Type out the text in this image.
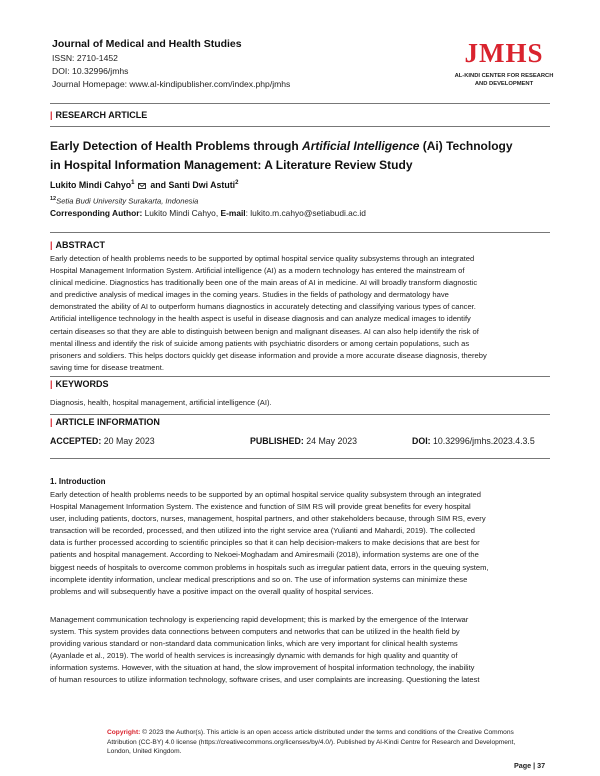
Journal of Medical and Health Studies
ISSN: 2710-1452
DOI: 10.32996/jmhs
Journal Homepage: www.al-kindipublisher.com/index.php/jmhs
JMHS
AL-KINDI CENTER FOR RESEARCH
AND DEVELOPMENT
| RESEARCH ARTICLE
Early Detection of Health Problems through Artificial Intelligence (Ai) Technology
in Hospital Information Management: A Literature Review Study
Lukito Mindi Cahyo$^1$
and Santi Dwi Astuti$^2$
$^{12}$Setia Budi University Surakarta, Indonesia
Corresponding Author: Lukito Mindi Cahyo, E-mail: lukito.m.cahyo@setiabudi.ac.id
| ABSTRACT
Early detection of health problems needs to be supported by optimal hospital service quality subsystems through an integrated
Hospital Management Information System. Artificial intelligence (AI) as a modern technology has entered the mainstream of
clinical medicine. Diagnostics has traditionally been one of the main areas of AI in medicine. AI will broadly transform diagnostic
and predictive analysis of medical images in the coming years. Studies in the fields of pathology and dermatology have
demonstrated the ability of AI to outperform humans diagnostics in accurately detecting and classifying various types of cancer.
Artificial intelligence technology in the health aspect is useful in disease diagnosis and can analyze medical images to identify
certain diseases so that they are able to distinguish between benign and malignant diseases. AI can also help identify the risk of
mental illness and identify the risk of suicide among patients with psychiatric disorders or among certain populations, such as
prisoners and soldiers. This helps doctors quickly get disease information and provide a more accurate disease diagnosis, thereby
saving time for disease treatment.
| KEYWORDS
Diagnosis, health, hospital management, artificial intelligence (AI).
| ARTICLE INFORMATION
ACCEPTED: 20 May 2023	PUBLISHED: 24 May 2023	DOI: 10.32996/jmhs.2023.4.3.5
1. Introduction
Early detection of health problems needs to be supported by an optimal hospital service quality subsystem through an integrated
Hospital Management Information System. The existence and function of SIM RS will provide great benefits for every hospital
user, including patients, doctors, nurses, management, hospital partners, and other stakeholders because, through SIM RS, every
transaction will be recorded, processed, and then utilized into the right service area (Yulianti and Mahardi, 2019). The collected
data is further processed according to scientific principles so that it can help decision-makers to make decisions that are best for
patients and hospital management. According to Nekoei-Moghadam and Amiresmaili (2018), information systems are one of the
biggest needs of hospitals to overcome common problems in hospitals such as irregular patient data, errors in the queuing system,
incomplete identity information, unclear medical prescriptions and so on. The use of information systems can minimize these
problems and will subsequently have a positive impact on the overall quality of hospital services.
Management communication technology is experiencing rapid development; this is marked by the emergence of the Interwar
system. This system provides data connections between computers and networks that can be utilized in the health field by
providing various standard or non-standard data communication links, which are very important for clinical health systems
(Ayanlade et al., 2019). The world of health services is increasingly dynamic with demands for high quality and quantity of
information systems. However, with the situation at hand, the slow improvement of hospital information technology, the inability
of human resources to utilize information technology, software crises, and user complaints are increasing. Questioning the latest
Copyright: © 2023 the Author(s). This article is an open access article distributed under the terms and conditions of the Creative Commons
Attribution (CC-BY) 4.0 license (https://creativecommons.org/licenses/by/4.0/). Published by Al-Kindi Centre for Research and Development,
London, United Kingdom.
Page | 37
